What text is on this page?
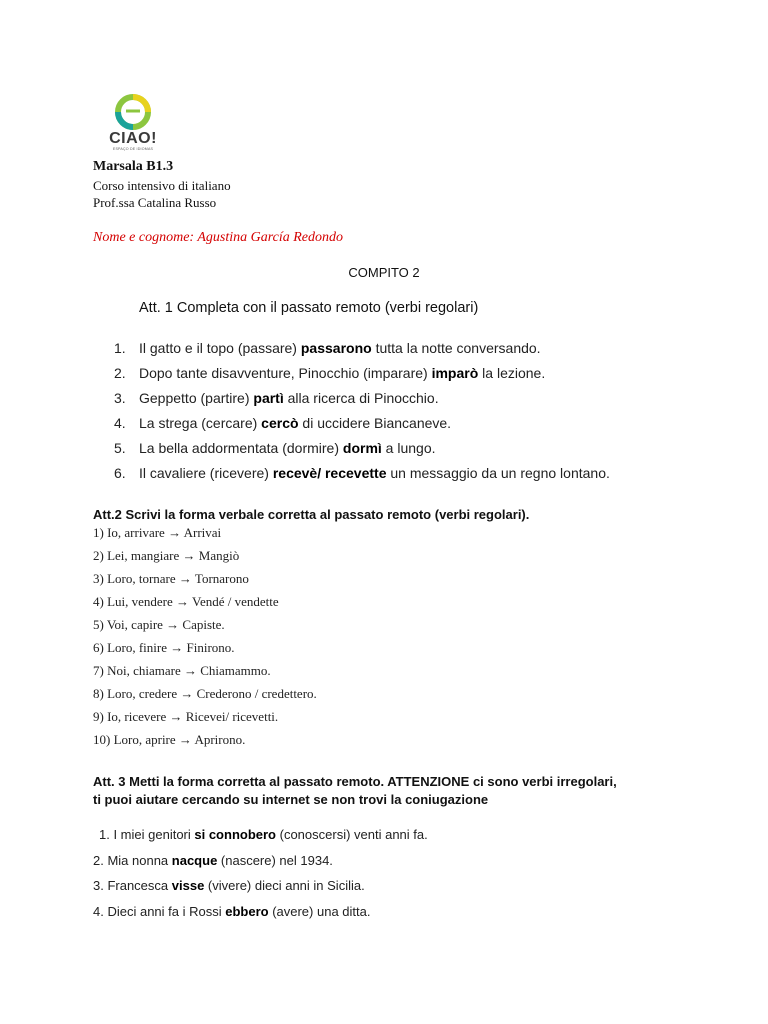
CIAO!
ESPAÇO DE IDIOMAS
Marsala B1.3
Corso intensivo di italiano
Prof.ssa Catalina Russo
Nome e cognome: Agustina García Redondo
COMPITO 2
Att. 1 Completa con il passato remoto (verbi regolari)
1. Il gatto e il topo (passare) passarono tutta la notte conversando.
2. Dopo tante disavventure, Pinocchio (imparare) imparò la lezione.
3. Geppetto (partire) partì alla ricerca di Pinocchio.
4. La strega (cercare) cercò di uccidere Biancaneve.
5. La bella addormentata (dormire) dormì a lungo.
6. Il cavaliere (ricevere) recevè/ recevette un messaggio da un regno lontano.
Att.2 Scrivi la forma verbale corretta al passato remoto (verbi regolari).
1) Io, arrivare → Arrivai
2) Lei, mangiare → Mangiò
3) Loro, tornare → Tornarono
4) Lui, vendere → Vendé / vendette
5) Voi, capire → Capiste.
6) Loro, finire → Finirono.
7) Noi, chiamare → Chiamammo.
8) Loro, credere → Crederono / credettero.
9) Io, ricevere → Ricevei/ ricevetti.
10) Loro, aprire → Aprirono.
Att. 3 Metti la forma corretta al passato remoto. ATTENZIONE ci sono verbi irregolari,
ti puoi aiutare cercando su internet se non trovi la coniugazione
1. I miei genitori si connobero (conoscersi) venti anni fa.
2. Mia nonna nacque (nascere) nel 1934.
3. Francesca visse (vivere) dieci anni in Sicilia.
4. Dieci anni fa i Rossi ebbero (avere) una ditta.
